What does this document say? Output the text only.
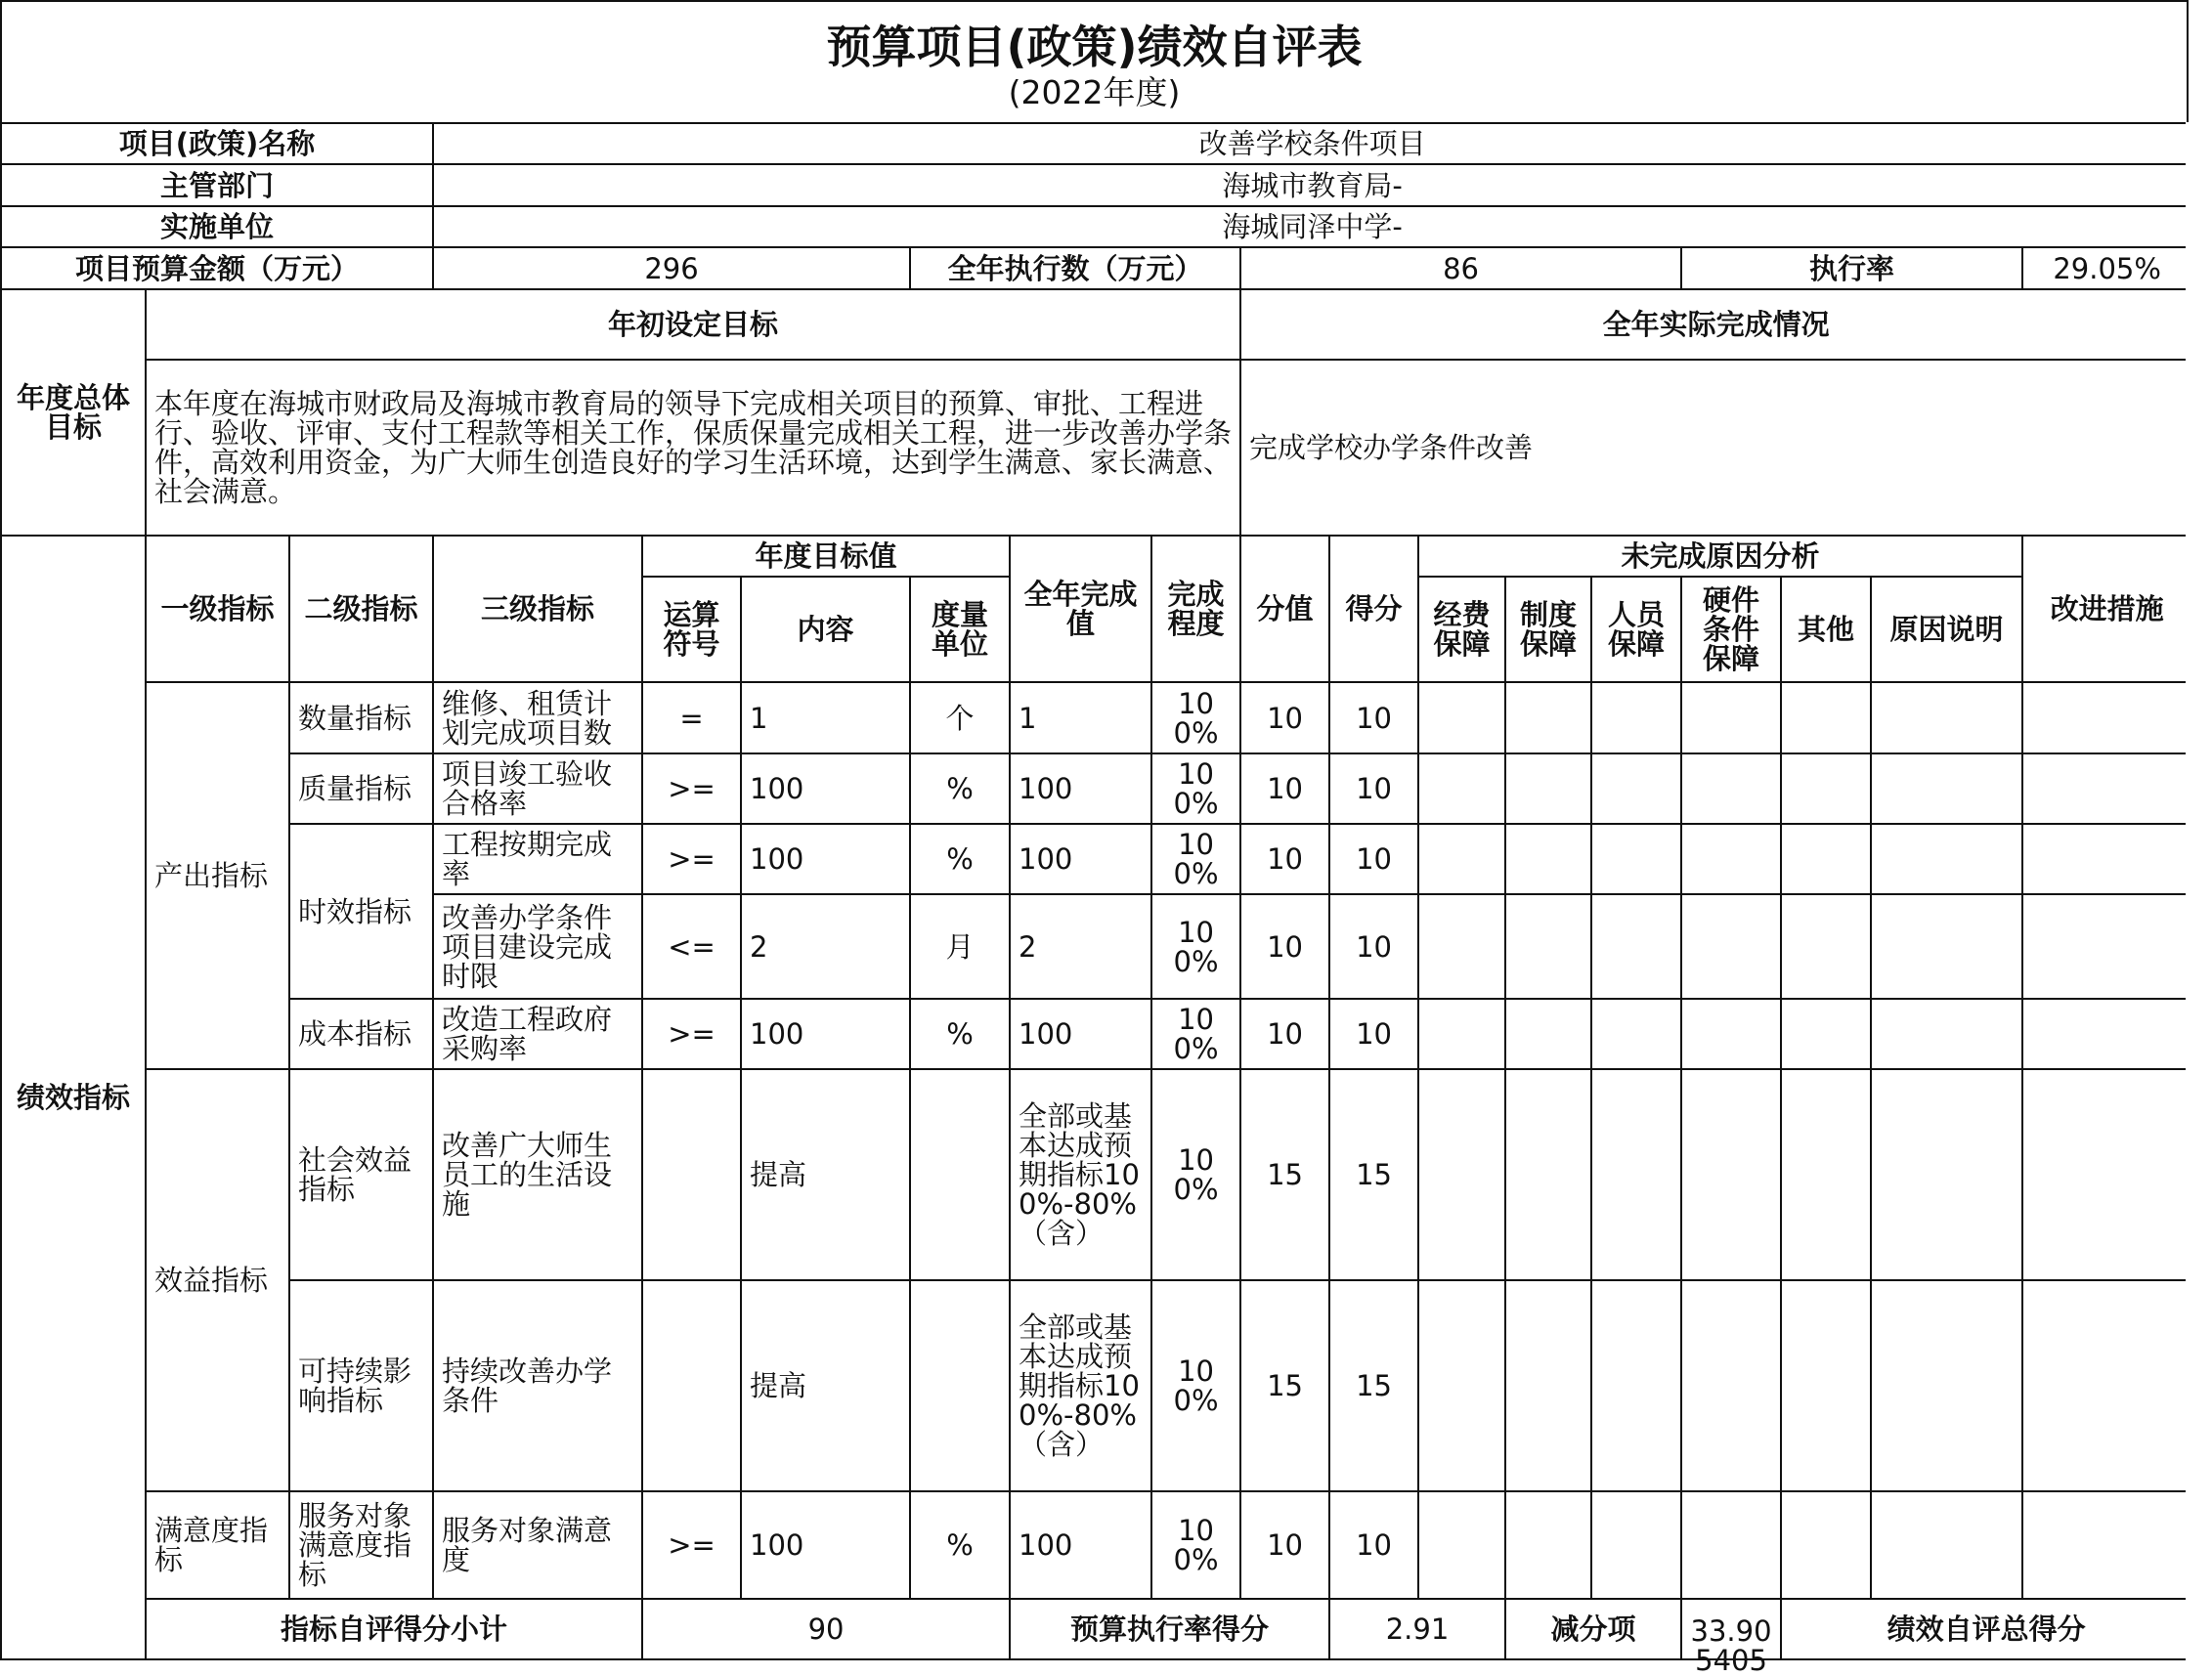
预算项目(政策)绩效自评表
(2022年度)
项目(政策)名称			改善学校条件项目															
主管部门			海城市教育局-															
实施单位			海城同泽中学-															
项目预算金额（万元）			296			全年执行数（万元）			86					执行率			29.05%	
年度总体目标	年初设定目标								全年实际完成情况									
	本年度在海城市财政局及海城市教育局的领导下完成相关项目的预算、审批、工程进行、验收、评审、支付工程款等相关工作，保质保量完成相关工程，进一步改善办学条件，高效利用资金，为广大师生创造良好的学习生活环境，达到学生满意、家长满意、社会满意。								完成学校办学条件改善									
绩效指标	一级指标	二级指标	三级指标	年度目标值			全年完成值	完成程度	分值	得分	未完成原因分析						改进措施	
				运算符号	内容	度量单位					经费保障	制度保障	人员保障	硬件条件保障	其他	原因说明		
	产出指标	数量指标	维修、租赁计划完成项目数	=	1	个	1	100%	10	10								
		质量指标	项目竣工验收合格率	>=	100	%	100	100%	10	10								
		时效指标	工程按期完成率	>=	100	%	100	100%	10	10								
			改善办学条件项目建设完成时限	<=	2	月	2	100%	10	10								
		成本指标	改造工程政府采购率	>=	100	%	100	100%	10	10								
	效益指标	社会效益指标	改善广大师生员工的生活设施		提高		全部或基本达成预期指标100%-80%（含）	100%	15	15								
		可持续影响指标	持续改善办学条件		提高		全部或基本达成预期指标100%-80%（含）	100%	15	15								
	满意度指标	服务对象满意度指标	服务对象满意度	>=	100	%	100	100%	10	10								
	指标自评得分小计			90			预算执行率得分			2.91		减分项		33.905405	绩效自评总得分	
